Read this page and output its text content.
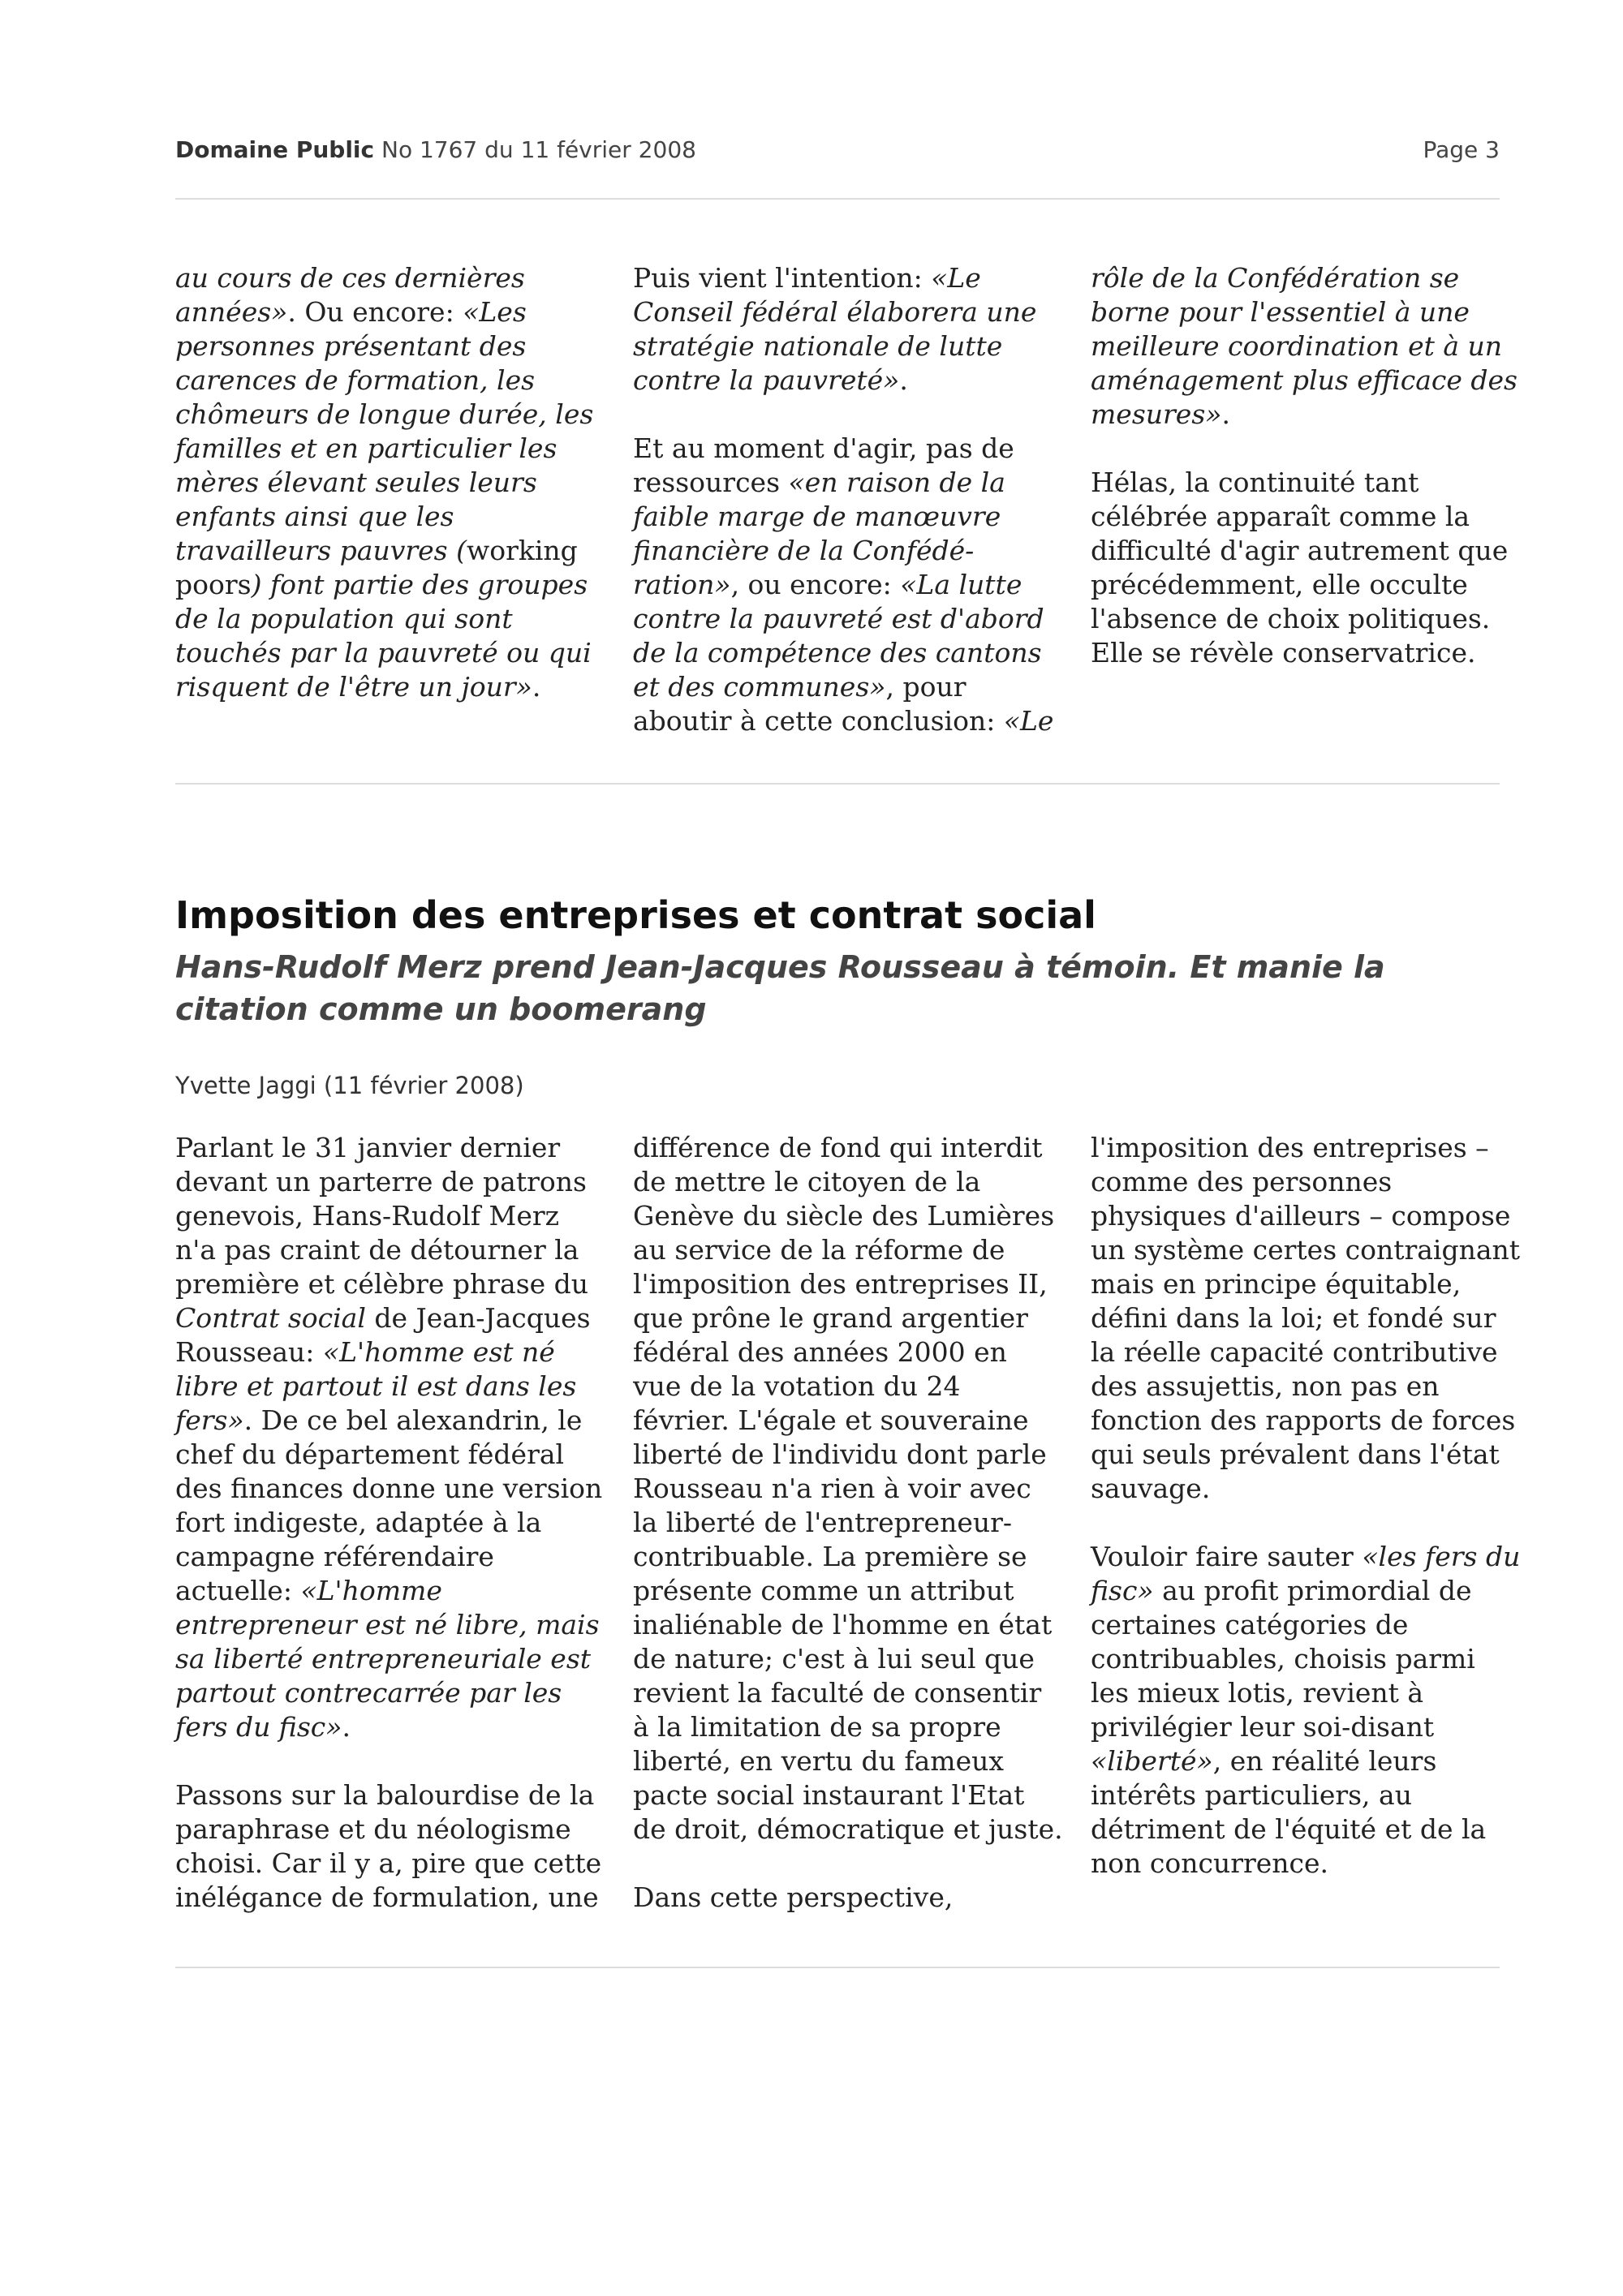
Domaine Public No 1767 du 11 février 2008	Page 3

au cours de ces dernières années». Ou encore: «Les personnes présentant des carences de formation, les chômeurs de longue durée, les familles et en particulier les mères élevant seules leurs enfants ainsi que les travailleurs pauvres (working poors) font partie des groupes de la population qui sont touchés par la pauvreté ou qui risquent de l'être un jour».

Puis vient l'intention: «Le Conseil fédéral élaborera une stratégie nationale de lutte contre la pauvreté».

Et au moment d'agir, pas de ressources «en raison de la faible marge de manœuvre financière de la Confédé-ration», ou encore: «La lutte contre la pauvreté est d'abord de la compétence des cantons et des communes», pour aboutir à cette conclusion: «Le

rôle de la Confédération se borne pour l'essentiel à une meilleure coordination et à un aménagement plus efficace des mesures».

Hélas, la continuité tant célébrée apparaît comme la difficulté d'agir autrement que précédemment, elle occulte l'absence de choix politiques. Elle se révèle conservatrice.

Imposition des entreprises et contrat social
Hans-Rudolf Merz prend Jean-Jacques Rousseau à témoin. Et manie la citation comme un boomerang
Yvette Jaggi (11 février 2008)

Parlant le 31 janvier dernier devant un parterre de patrons genevois, Hans-Rudolf Merz n'a pas craint de détourner la première et célèbre phrase du Contrat social de Jean-Jacques Rousseau: «L'homme est né libre et partout il est dans les fers». De ce bel alexandrin, le chef du département fédéral des finances donne une version fort indigeste, adaptée à la campagne référendaire actuelle: «L'homme entrepreneur est né libre, mais sa liberté entrepreneuriale est partout contrecarrée par les fers du fisc».

Passons sur la balourdise de la paraphrase et du néologisme choisi. Car il y a, pire que cette inélégance de formulation, une

différence de fond qui interdit de mettre le citoyen de la Genève du siècle des Lumières au service de la réforme de l'imposition des entreprises II, que prône le grand argentier fédéral des années 2000 en vue de la votation du 24 février. L'égale et souveraine liberté de l'individu dont parle Rousseau n'a rien à voir avec la liberté de l'entrepreneur-contribuable. La première se présente comme un attribut inaliénable de l'homme en état de nature; c'est à lui seul que revient la faculté de consentir à la limitation de sa propre liberté, en vertu du fameux pacte social instaurant l'Etat de droit, démocratique et juste.

Dans cette perspective,

l'imposition des entreprises – comme des personnes physiques d'ailleurs – compose un système certes contraignant mais en principe équitable, défini dans la loi; et fondé sur la réelle capacité contributive des assujettis, non pas en fonction des rapports de forces qui seuls prévalent dans l'état sauvage.

Vouloir faire sauter «les fers du fisc» au profit primordial de certaines catégories de contribuables, choisis parmi les mieux lotis, revient à privilégier leur soi-disant «liberté», en réalité leurs intérêts particuliers, au détriment de l'équité et de la non concurrence.
